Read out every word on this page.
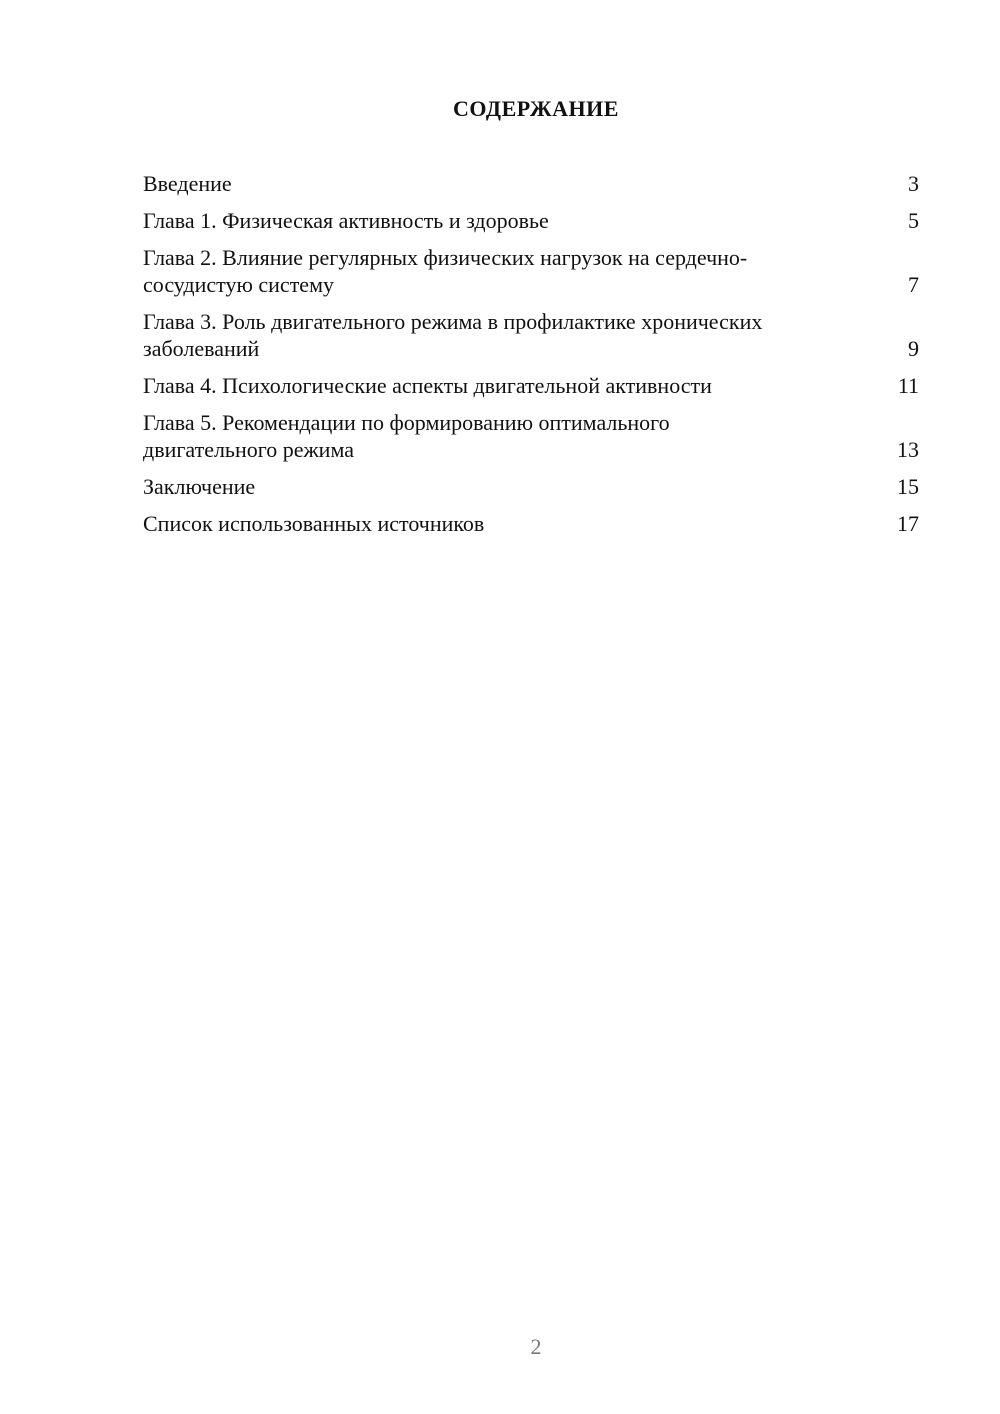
СОДЕРЖАНИЕ
Введение	3
Глава 1. Физическая активность и здоровье	5
Глава 2. Влияние регулярных физических нагрузок на сердечно-сосудистую систему	7
Глава 3. Роль двигательного режима в профилактике хронических заболеваний	9
Глава 4. Психологические аспекты двигательной активности	11
Глава 5. Рекомендации по формированию оптимального двигательного режима	13
Заключение	15
Список использованных источников	17
2
